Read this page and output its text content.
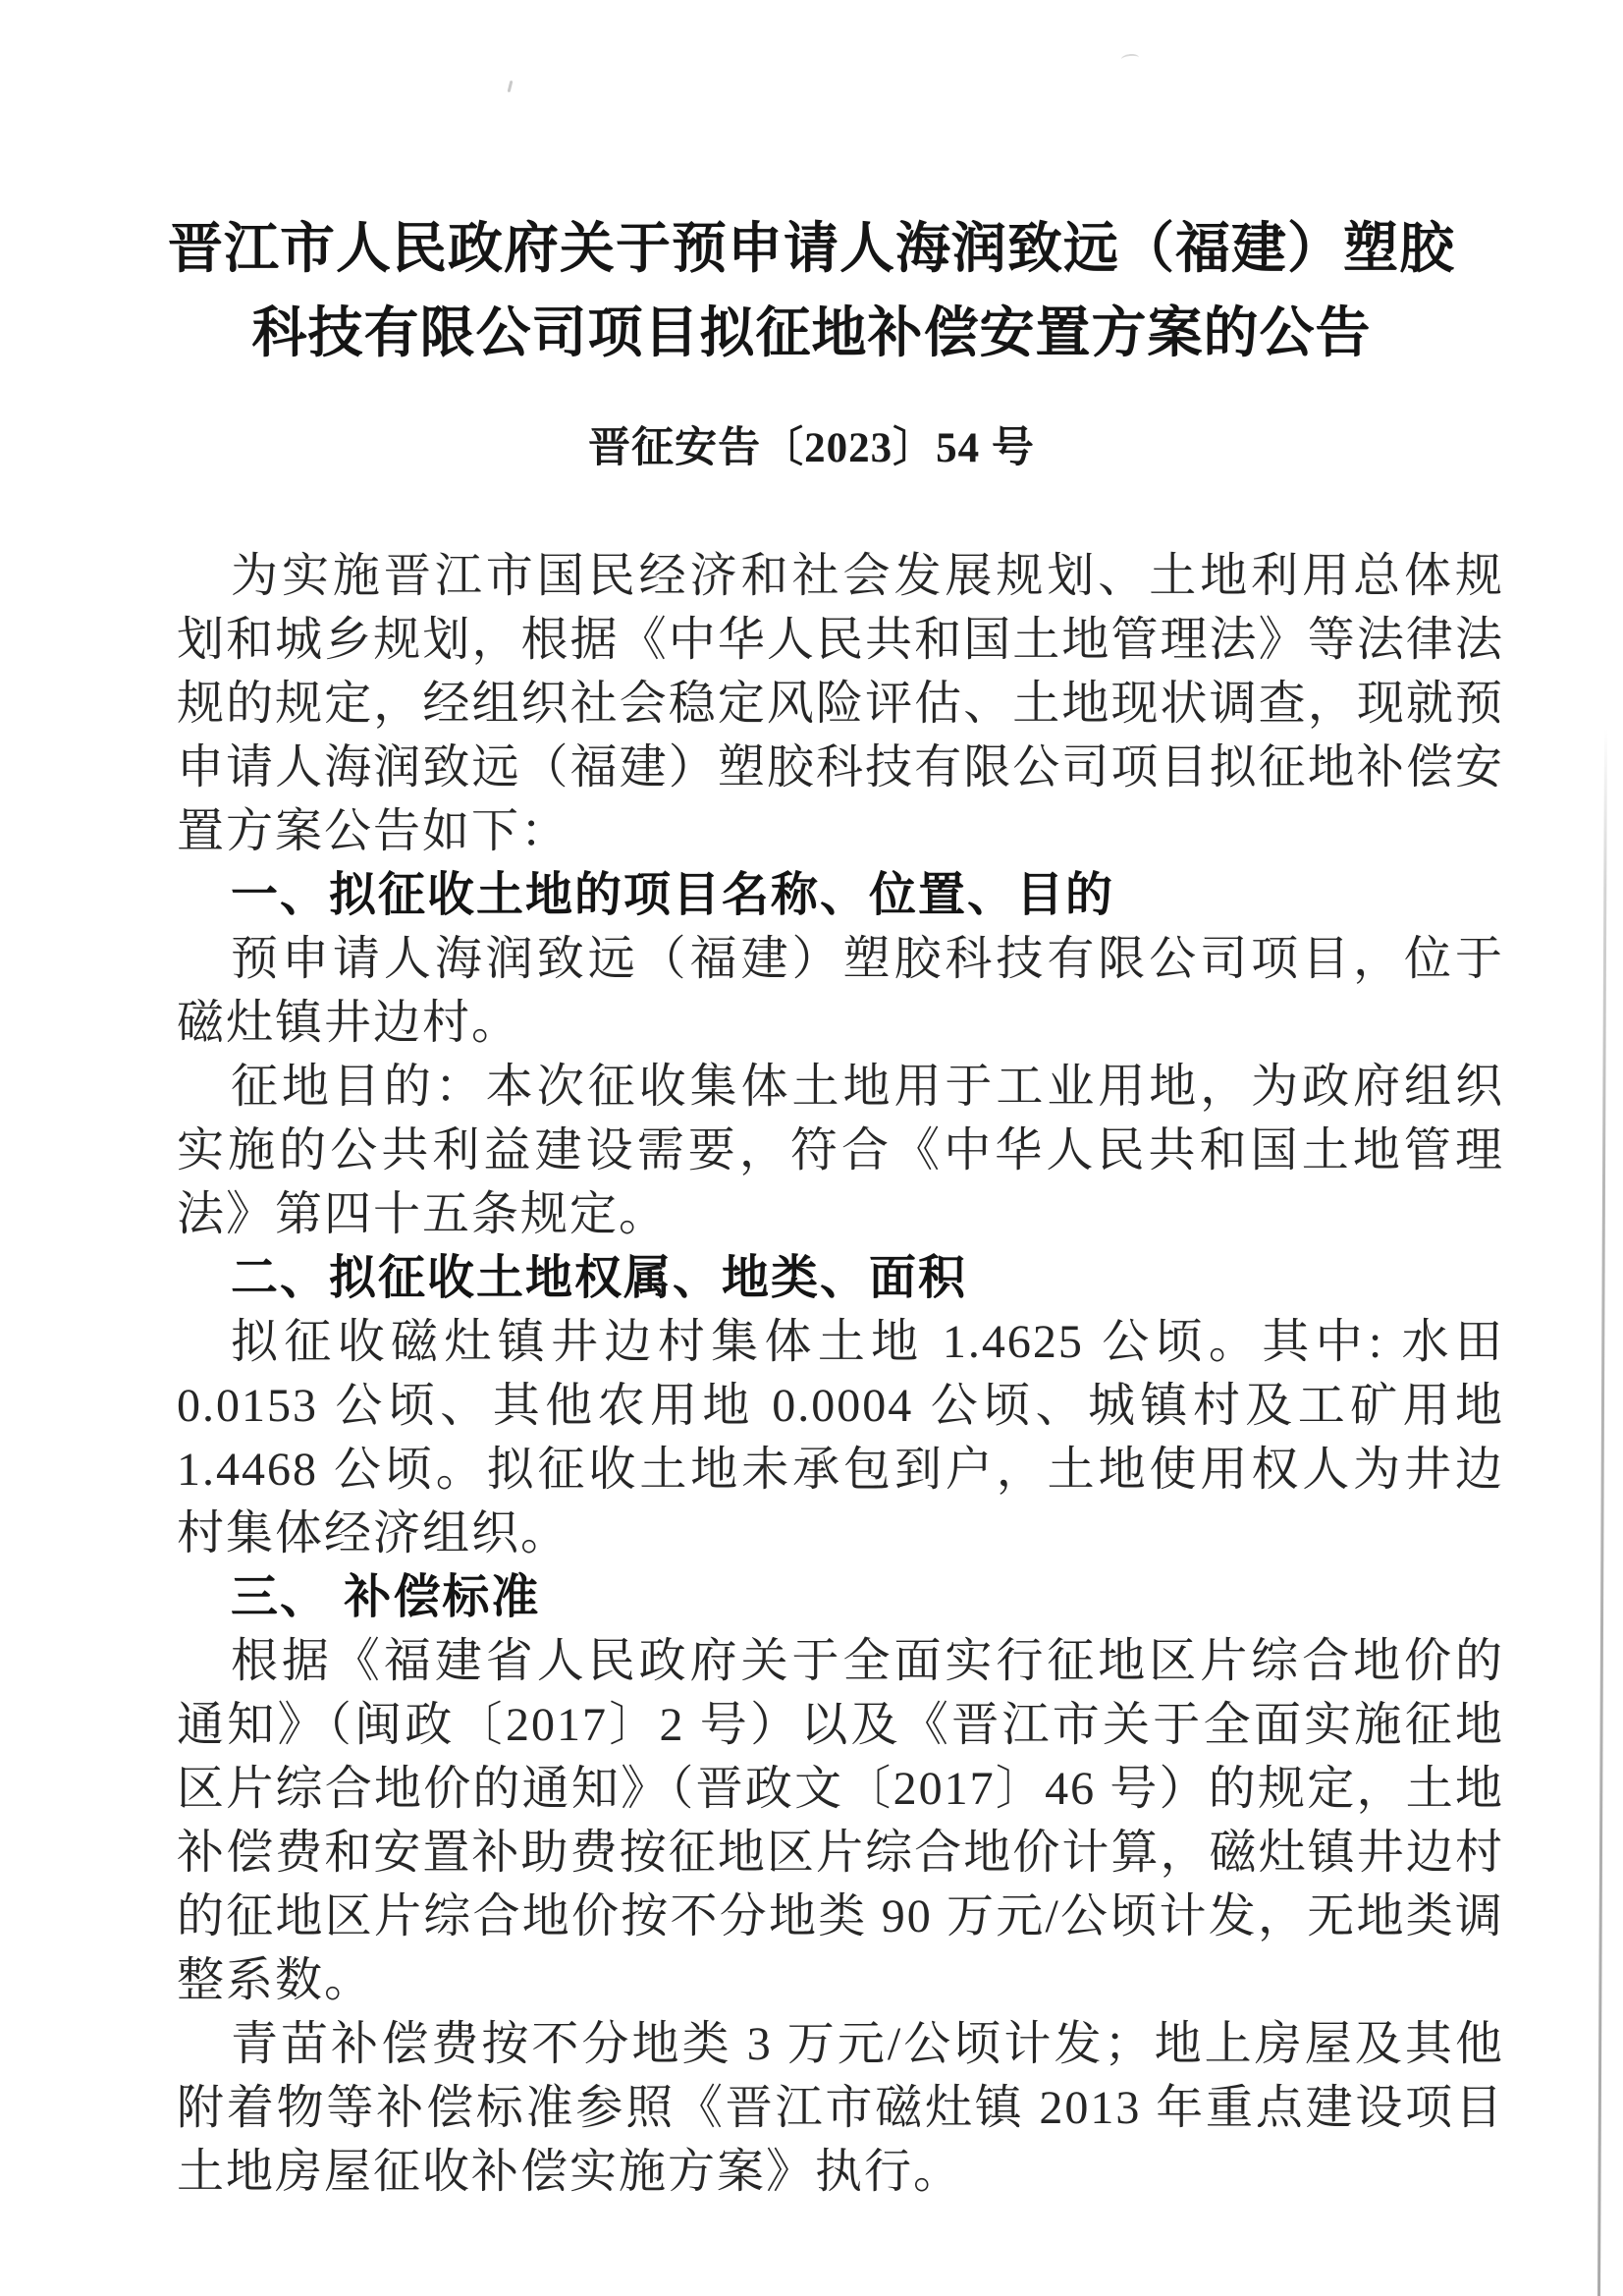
晋江市人民政府关于预申请人海润致远（福建）塑胶
科技有限公司项目拟征地补偿安置方案的公告
晋征安告〔2023〕54 号

为实施晋江市国民经济和社会发展规划、土地利用总体规划和城乡规划，根据《中华人民共和国土地管理法》等法律法规的规定，经组织社会稳定风险评估、土地现状调查，现就预申请人海润致远（福建）塑胶科技有限公司项目拟征地补偿安置方案公告如下：

一、拟征收土地的项目名称、位置、目的

预申请人海润致远（福建）塑胶科技有限公司项目，位于磁灶镇井边村。

征地目的：本次征收集体土地用于工业用地，为政府组织实施的公共利益建设需要，符合《中华人民共和国土地管理法》第四十五条规定。

二、拟征收土地权属、地类、面积

拟征收磁灶镇井边村集体土地 1.4625 公顷。其中: 水田 0.0153 公顷、其他农用地 0.0004 公顷、城镇村及工矿用地 1.4468 公顷。拟征收土地未承包到户，土地使用权人为井边村集体经济组织。

三、 补偿标准

根据《福建省人民政府关于全面实行征地区片综合地价的通知》（闽政〔2017〕2 号）以及《晋江市关于全面实施征地区片综合地价的通知》（晋政文〔2017〕46 号）的规定，土地补偿费和安置补助费按征地区片综合地价计算，磁灶镇井边村的征地区片综合地价按不分地类 90 万元/公顷计发，无地类调整系数。

青苗补偿费按不分地类 3 万元/公顷计发；地上房屋及其他附着物等补偿标准参照《晋江市磁灶镇 2013 年重点建设项目土地房屋征收补偿实施方案》执行。
